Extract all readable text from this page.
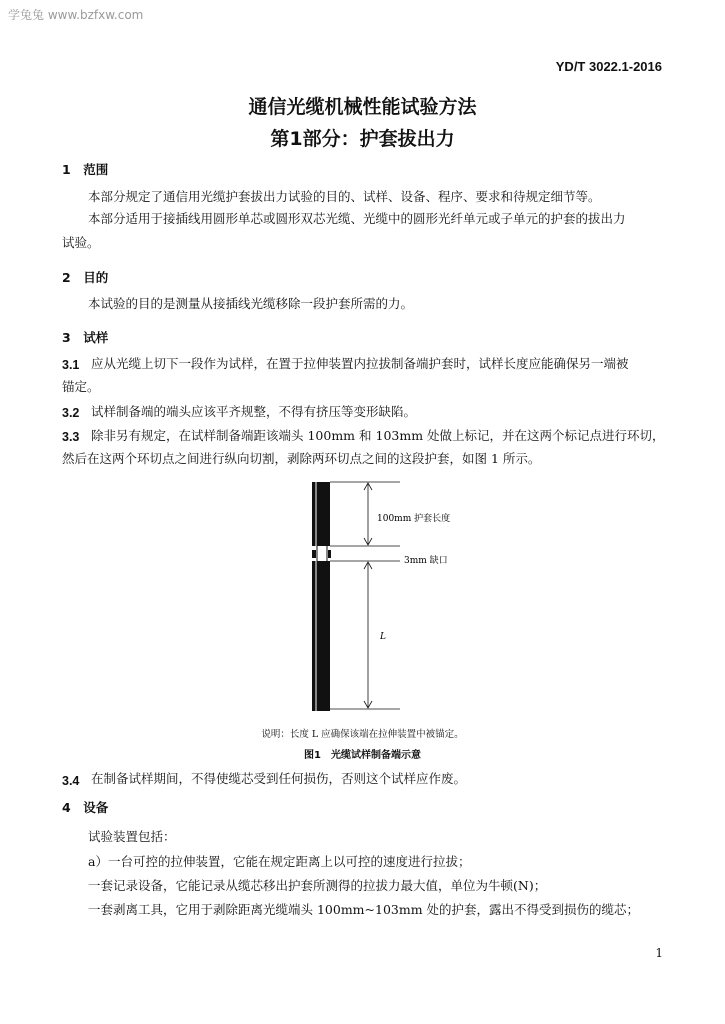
学兔兔 www.bzfxw.com
YD/T 3022.1-2016
通信光缆机械性能试验方法
第1部分：护套拔出力
1　范围
本部分规定了通信用光缆护套拔出力试验的目的、试样、设备、程序、要求和待规定细节等。
本部分适用于接插线用圆形单芯或圆形双芯光缆、光缆中的圆形光纤单元或子单元的护套的拔出力
试验。
2　目的
本试验的目的是测量从接插线光缆移除一段护套所需的力。
3　试样
3.1 应从光缆上切下一段作为试样，在置于拉伸装置内拉拔制备端护套时，试样长度应能确保另一端被
锚定。
3.2 试样制备端的端头应该平齐规整，不得有挤压等变形缺陷。
3.3 除非另有规定，在试样制备端距该端头 100mm 和 103mm 处做上标记，并在这两个标记点进行环切，
然后在这两个环切点之间进行纵向切割，剥除两环切点之间的这段护套，如图 1 所示。
100mm 护套长度
3mm 缺口
L
说明：长度 L 应确保该端在拉伸装置中被锚定。
图1　光缆试样制备端示意
3.4 在制备试样期间，不得使缆芯受到任何损伤，否则这个试样应作废。
4　设备
试验装置包括：
a）一台可控的拉伸装置，它能在规定距离上以可控的速度进行拉拔；
一套记录设备，它能记录从缆芯移出护套所测得的拉拔力最大值，单位为牛顿(N)；
一套剥离工具，它用于剥除距离光缆端头 100mm~103mm 处的护套，露出不得受到损伤的缆芯；
1
